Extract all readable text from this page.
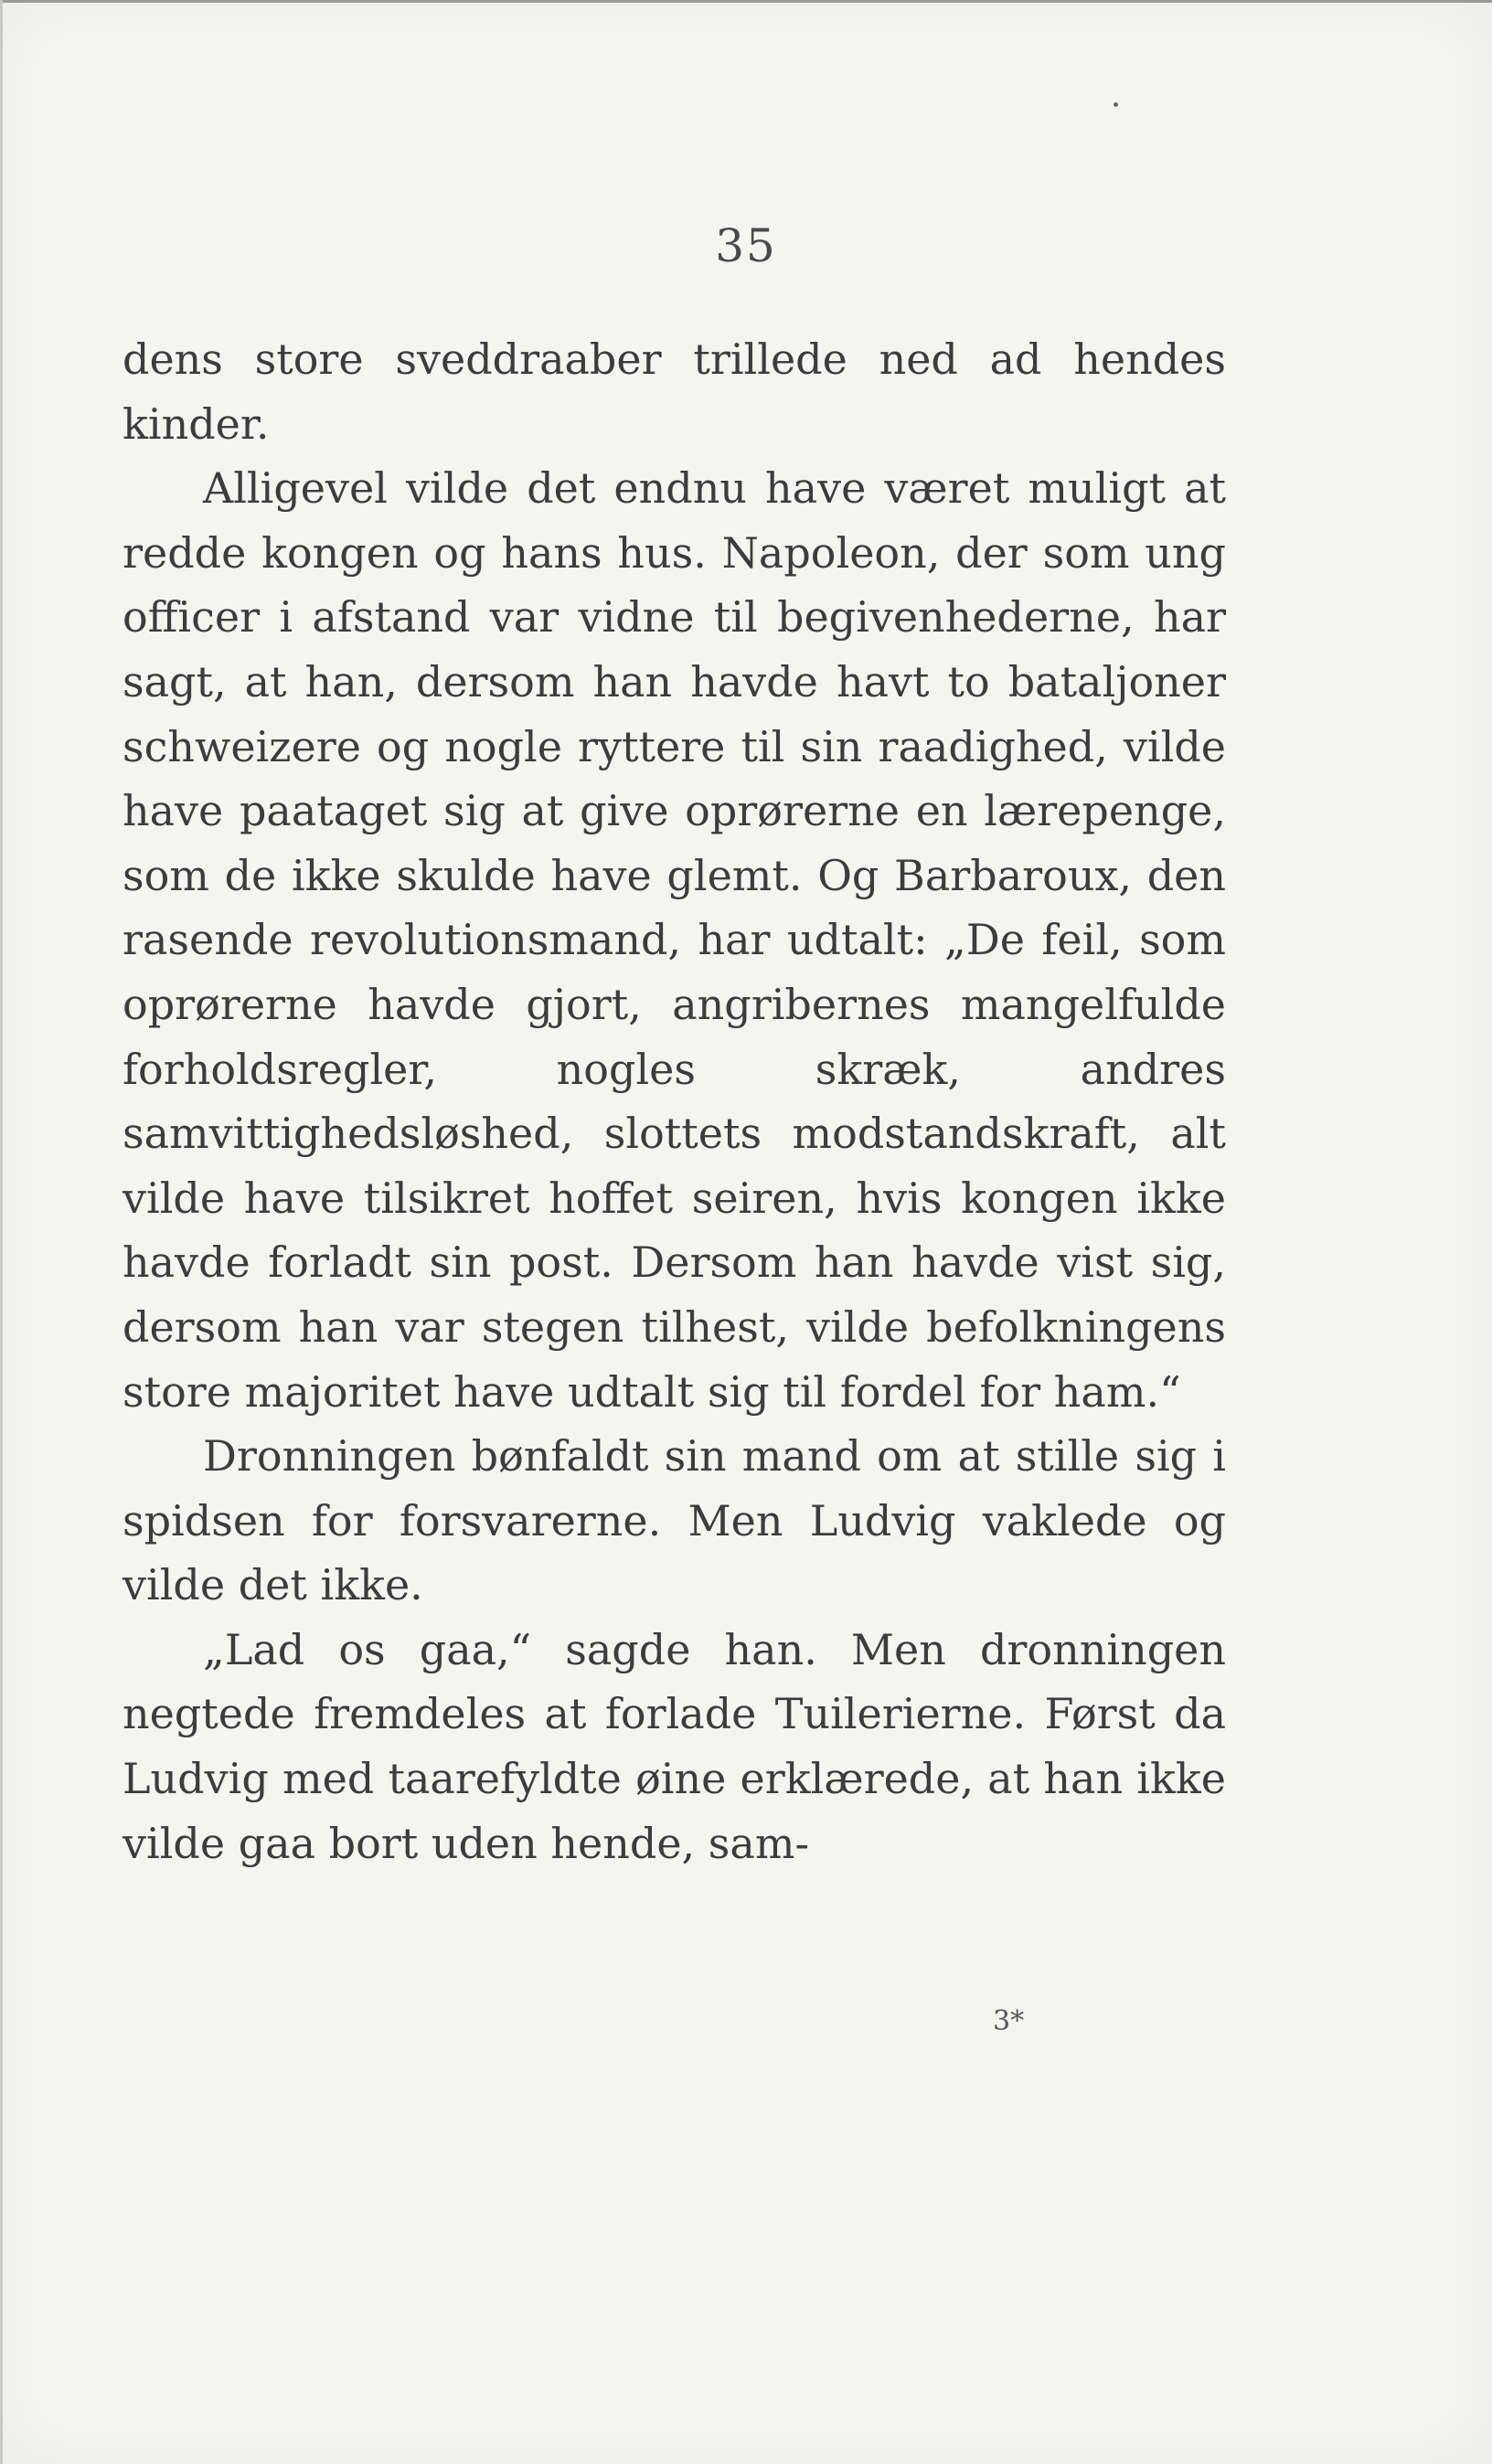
35

dens store sveddraaber trillede ned ad hendes kinder.

Alligevel vilde det endnu have været muligt at redde kongen og hans hus. Napoleon, der som ung officer i afstand var vidne til begivenhederne, har sagt, at han, dersom han havde havt to bataljoner schweizere og nogle ryttere til sin raadighed, vilde have paataget sig at give oprørerne en lærepenge, som de ikke skulde have glemt. Og Barbaroux, den rasende revolutionsmand, har udtalt: „De feil, som oprørerne havde gjort, angribernes mangelfulde forholdsregler, nogles skræk, andres samvittighedsløshed, slottets modstandskraft, alt vilde have tilsikret hoffet seiren, hvis kongen ikke havde forladt sin post. Dersom han havde vist sig, dersom han var stegen tilhest, vilde befolkningens store majoritet have udtalt sig til fordel for ham.“

Dronningen bønfaldt sin mand om at stille sig i spidsen for forsvarerne. Men Ludvig vaklede og vilde det ikke.

„Lad os gaa,“ sagde han. Men dronningen negtede fremdeles at forlade Tuilerierne. Først da Ludvig med taarefyldte øine erklærede, at han ikke vilde gaa bort uden hende, sam-

3*
